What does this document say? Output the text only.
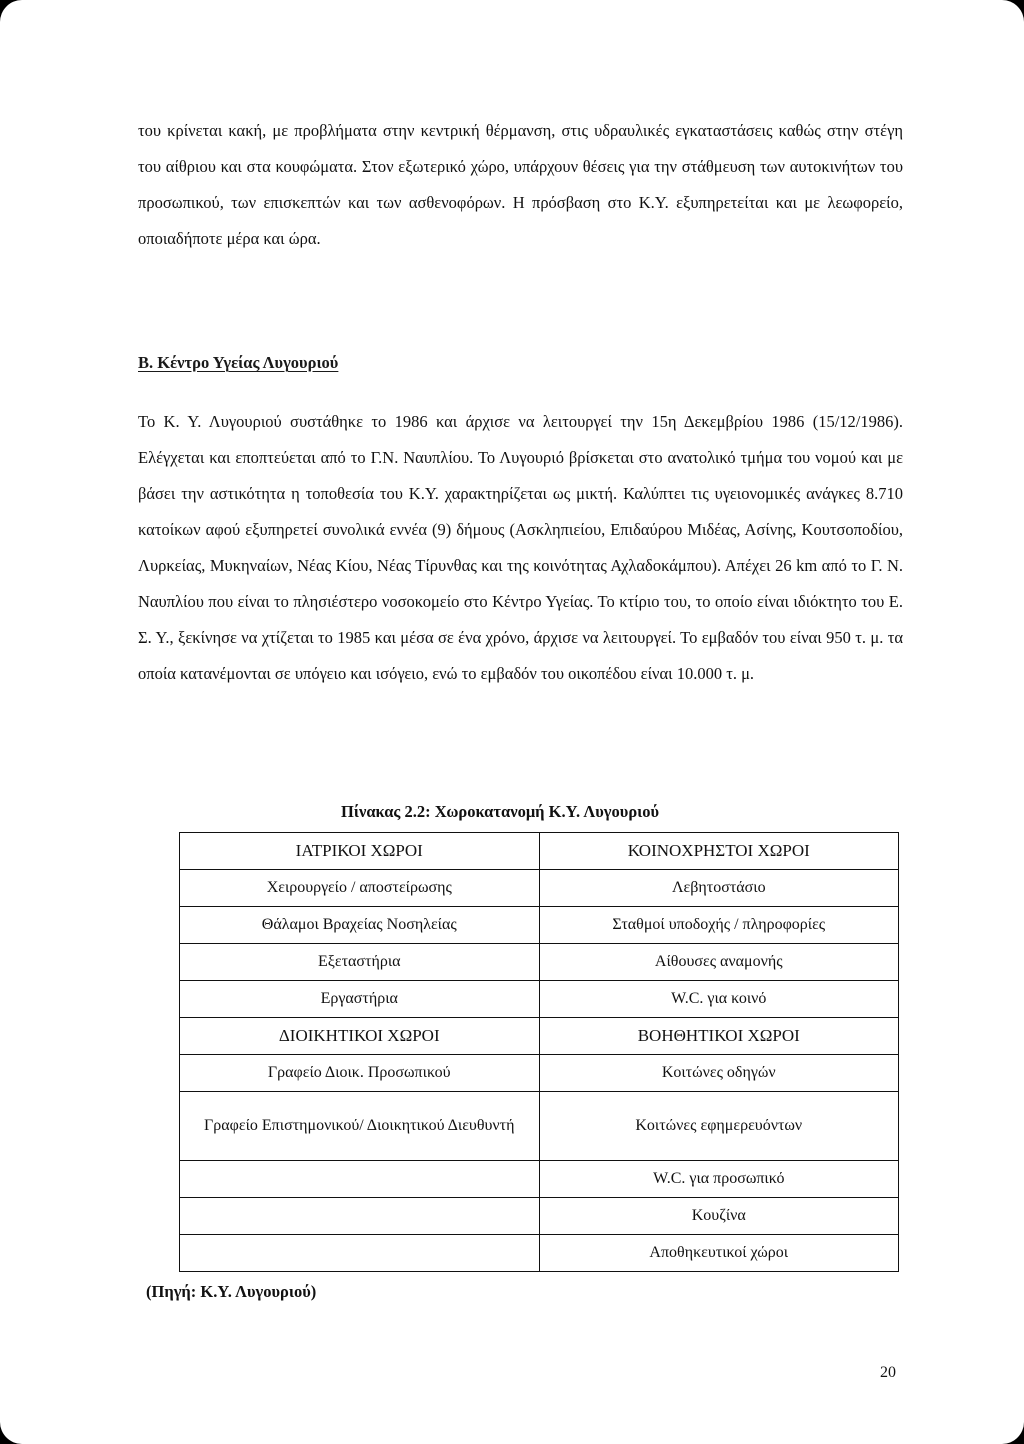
του κρίνεται κακή, με προβλήματα στην κεντρική θέρμανση, στις υδραυλικές εγκαταστάσεις καθώς στην στέγη του αίθριου και στα κουφώματα. Στον εξωτερικό χώρο, υπάρχουν θέσεις για την στάθμευση των αυτοκινήτων του προσωπικού, των επισκεπτών και των ασθενοφόρων. Η πρόσβαση στο Κ.Υ. εξυπηρετείται και με λεωφορείο, οποιαδήποτε μέρα και ώρα.

Β. Κέντρο Υγείας Λυγουριού

Το Κ. Υ. Λυγουριού συστάθηκε το 1986 και άρχισε να λειτουργεί την 15η Δεκεμβρίου 1986 (15/12/1986). Ελέγχεται και εποπτεύεται από το Γ.Ν. Ναυπλίου. Το Λυγουριό βρίσκεται στο ανατολικό τμήμα του νομού και με βάσει την αστικότητα η τοποθεσία του Κ.Υ. χαρακτηρίζεται ως μικτή. Καλύπτει τις υγειονομικές ανάγκες 8.710 κατοίκων αφού εξυπηρετεί συνολικά εννέα (9) δήμους (Ασκληπιείου, Επιδαύρου Μιδέας, Ασίνης, Κουτσοποδίου, Λυρκείας, Μυκηναίων, Νέας Κίου, Νέας Τίρυνθας και της κοινότητας Αχλαδοκάμπου). Απέχει 26 km από το Γ. Ν. Ναυπλίου που είναι το πλησιέστερο νοσοκομείο στο Κέντρο Υγείας. Το κτίριο του, το οποίο είναι ιδιόκτητο του Ε. Σ. Υ., ξεκίνησε να χτίζεται το 1985 και μέσα σε ένα χρόνο, άρχισε να λειτουργεί. Το εμβαδόν του είναι 950 τ. μ. τα οποία κατανέμονται σε υπόγειο και ισόγειο, ενώ το εμβαδόν του οικοπέδου είναι 10.000 τ. μ.

Πίνακας 2.2: Χωροκατανομή Κ.Υ. Λυγουριού

ΙΑΤΡΙΚΟΙ ΧΩΡΟΙ	ΚΟΙΝΟΧΡΗΣΤΟΙ ΧΩΡΟΙ
Χειρουργείο / αποστείρωσης	Λεβητοστάσιο
Θάλαμοι Βραχείας Νοσηλείας	Σταθμοί υποδοχής / πληροφορίες
Εξεταστήρια	Αίθουσες αναμονής
Εργαστήρια	W.C. για κοινό
ΔΙΟΙΚΗΤΙΚΟΙ ΧΩΡΟΙ	ΒΟΗΘΗΤΙΚΟΙ ΧΩΡΟΙ
Γραφείο Διοικ. Προσωπικού	Κοιτώνες οδηγών
Γραφείο Επιστημονικού/ Διοικητικού Διευθυντή	Κοιτώνες εφημερευόντων
	W.C. για προσωπικό
	Κουζίνα
	Αποθηκευτικοί χώροι

(Πηγή: Κ.Υ. Λυγουριού)

20
